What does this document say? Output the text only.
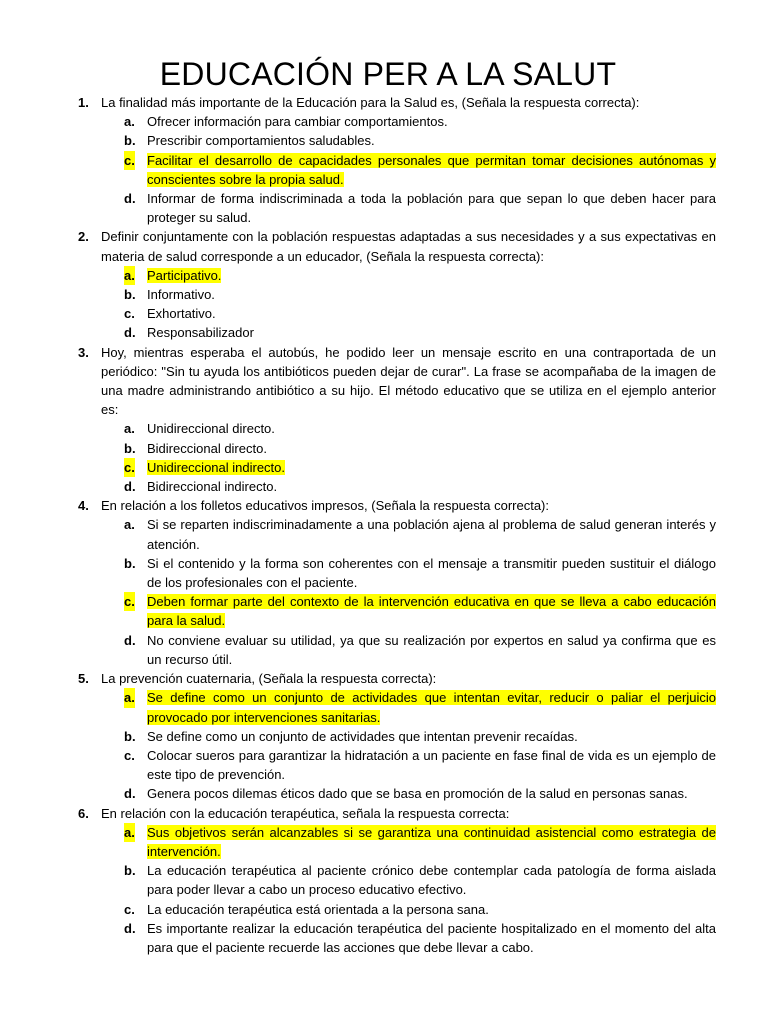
EDUCACIÓN PER A LA SALUT
1. La finalidad más importante de la Educación para la Salud es, (Señala la respuesta correcta):
a. Ofrecer información para cambiar comportamientos.
b. Prescribir comportamientos saludables.
c. Facilitar el desarrollo de capacidades personales que permitan tomar decisiones autónomas y conscientes sobre la propia salud.
d. Informar de forma indiscriminada a toda la población para que sepan lo que deben hacer para proteger su salud.
2. Definir conjuntamente con la población respuestas adaptadas a sus necesidades y a sus expectativas en materia de salud corresponde a un educador, (Señala la respuesta correcta):
a. Participativo.
b. Informativo.
c. Exhortativo.
d. Responsabilizador
3. Hoy, mientras esperaba el autobús, he podido leer un mensaje escrito en una contraportada de un periódico: "Sin tu ayuda los antibióticos pueden dejar de curar". La frase se acompañaba de la imagen de una madre administrando antibiótico a su hijo. El método educativo que se utiliza en el ejemplo anterior es:
a. Unidireccional directo.
b. Bidireccional directo.
c. Unidireccional indirecto.
d. Bidireccional indirecto.
4. En relación a los folletos educativos impresos, (Señala la respuesta correcta):
a. Si se reparten indiscriminadamente a una población ajena al problema de salud generan interés y atención.
b. Si el contenido y la forma son coherentes con el mensaje a transmitir pueden sustituir el diálogo de los profesionales con el paciente.
c. Deben formar parte del contexto de la intervención educativa en que se lleva a cabo educación para la salud.
d. No conviene evaluar su utilidad, ya que su realización por expertos en salud ya confirma que es un recurso útil.
5. La prevención cuaternaria, (Señala la respuesta correcta):
a. Se define como un conjunto de actividades que intentan evitar, reducir o paliar el perjuicio provocado por intervenciones sanitarias.
b. Se define como un conjunto de actividades que intentan prevenir recaídas.
c. Colocar sueros para garantizar la hidratación a un paciente en fase final de vida es un ejemplo de este tipo de prevención.
d. Genera pocos dilemas éticos dado que se basa en promoción de la salud en personas sanas.
6. En relación con la educación terapéutica, señala la respuesta correcta:
a. Sus objetivos serán alcanzables si se garantiza una continuidad asistencial como estrategia de intervención.
b. La educación terapéutica al paciente crónico debe contemplar cada patología de forma aislada para poder llevar a cabo un proceso educativo efectivo.
c. La educación terapéutica está orientada a la persona sana.
d. Es importante realizar la educación terapéutica del paciente hospitalizado en el momento del alta para que el paciente recuerde las acciones que debe llevar a cabo.
